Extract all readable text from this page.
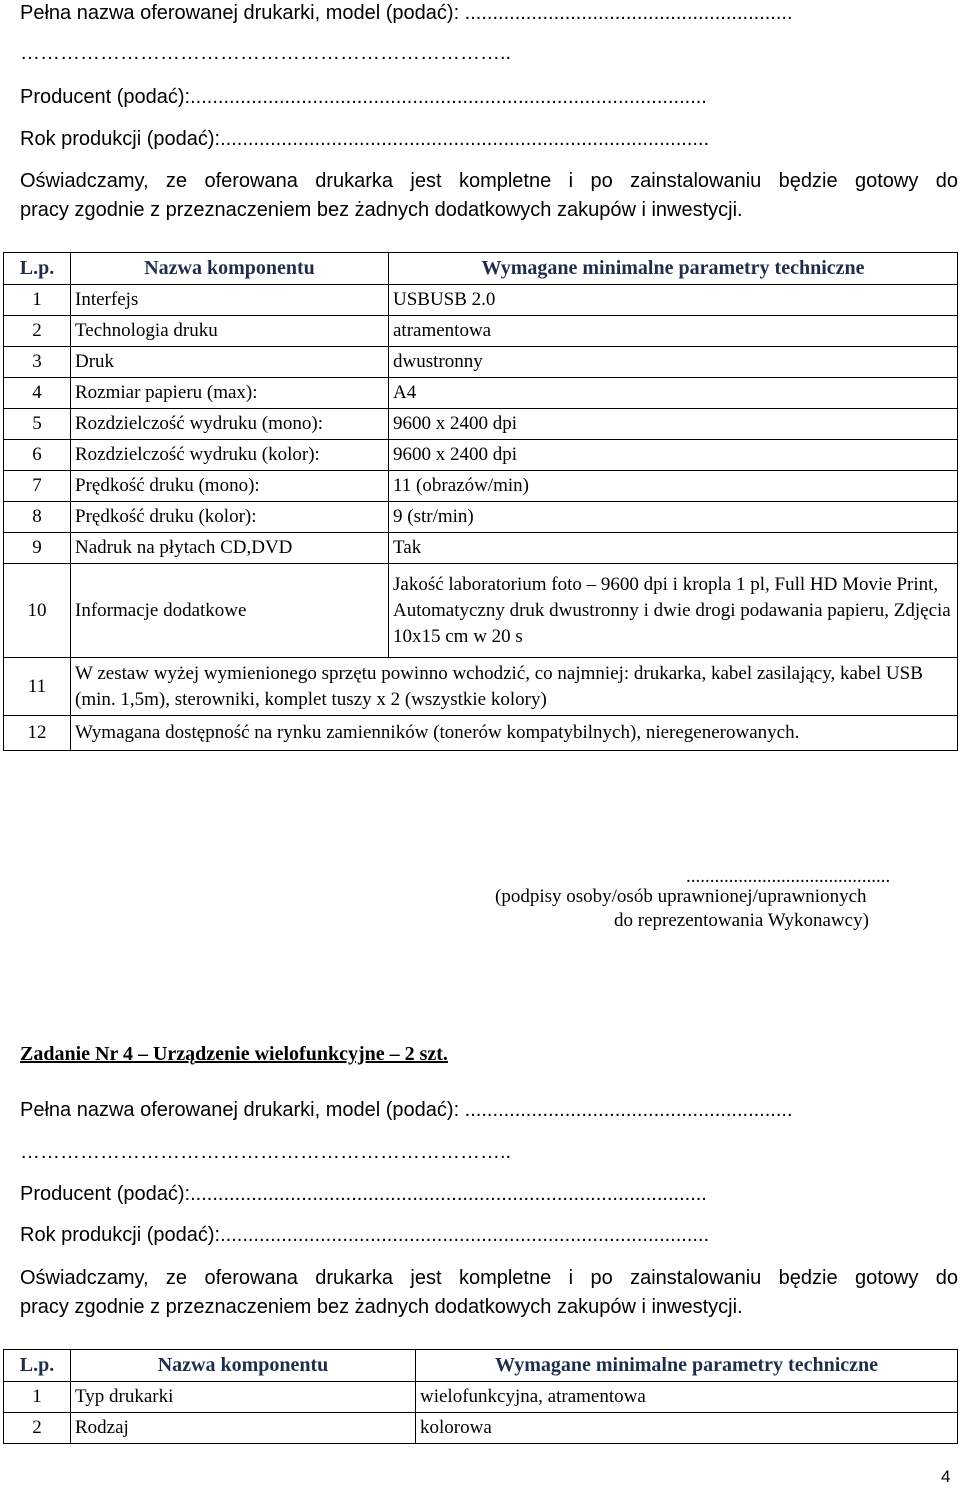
Pełna nazwa oferowanej drukarki, model (podać): ...........................................................
………………………………………………………………..
Producent (podać):.............................................................................................
Rok produkcji (podać):........................................................................................
Oświadczamy, ze oferowana drukarka jest kompletne i po zainstalowaniu będzie gotowy do
pracy zgodnie z przeznaczeniem bez żadnych dodatkowych zakupów i inwestycji.
L.p.	Nazwa komponentu	Wymagane minimalne parametry techniczne
1	Interfejs	USBUSB 2.0
2	Technologia druku	atramentowa
3	Druk	dwustronny
4	Rozmiar papieru (max):	A4
5	Rozdzielczość wydruku (mono):	9600 x 2400 dpi
6	Rozdzielczość wydruku (kolor):	9600 x 2400 dpi
7	Prędkość druku (mono):	11 (obrazów/min)
8	Prędkość druku (kolor):	9 (str/min)
9	Nadruk na płytach CD,DVD	Tak
10	Informacje dodatkowe	Jakość laboratorium foto – 9600 dpi i kropla 1 pl, Full HD Movie Print, Automatyczny druk dwustronny i dwie drogi podawania papieru, Zdjęcia 10x15 cm w 20 s
11	W zestaw wyżej wymienionego sprzętu powinno wchodzić, co najmniej: drukarka, kabel zasilający, kabel USB (min. 1,5m), sterowniki, komplet tuszy x 2 (wszystkie kolory)	
12	Wymagana dostępność na rynku zamienników (tonerów kompatybilnych), nieregenerowanych.	
...........................................
(podpisy osoby/osób uprawnionej/uprawnionych
do reprezentowania Wykonawcy)
Zadanie Nr 4 – Urządzenie wielofunkcyjne – 2 szt.
Pełna nazwa oferowanej drukarki, model (podać): ...........................................................
………………………………………………………………..
Producent (podać):.............................................................................................
Rok produkcji (podać):........................................................................................
Oświadczamy, ze oferowana drukarka jest kompletne i po zainstalowaniu będzie gotowy do
pracy zgodnie z przeznaczeniem bez żadnych dodatkowych zakupów i inwestycji.
L.p.	Nazwa komponentu	Wymagane minimalne parametry techniczne
1	Typ drukarki	wielofunkcyjna, atramentowa
2	Rodzaj	kolorowa
4
